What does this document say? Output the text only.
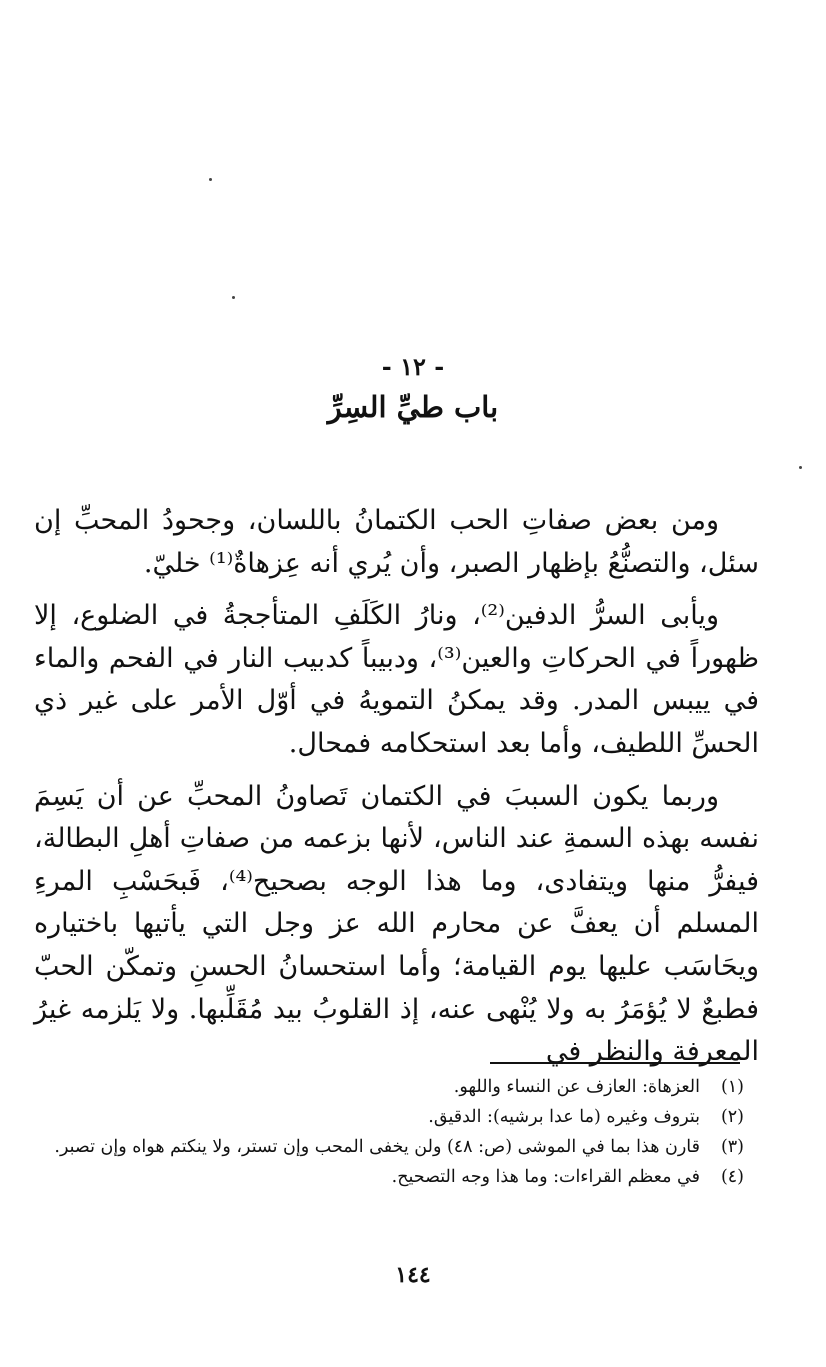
- ١٢ -
باب طيِّ السِرِّ

ومن بعض صفاتِ الحب الكتمانُ باللسان، وجحودُ المحبِّ إن سئل، والتصنُّعُ بإظهار الصبر، وأن يُري أنه عِزهاةٌ⁽¹⁾ خليّ.

ويأبى السرُّ الدفين⁽²⁾، ونارُ الكَلَفِ المتأججةُ في الضلوع، إلا ظهوراً في الحركاتِ والعين⁽³⁾، ودبيباً كدبيب النار في الفحم والماء في ييبس المدر. وقد يمكنُ التمويهُ في أوّل الأمر على غير ذي الحسِّ اللطيف، وأما بعد استحكامه فمحال.

وربما يكون السببَ في الكتمان تَصاونُ المحبِّ عن أن يَسِمَ نفسه بهذه السمةِ عند الناس، لأنها بزعمه من صفاتِ أهلِ البطالة، فيفرُّ منها ويتفادى، وما هذا الوجه بصحيح⁽⁴⁾، فَبحَسْبِ المرءِ المسلم أن يعفَّ عن محارم الله عز وجل التي يأتيها باختياره ويحَاسَب عليها يوم القيامة؛ وأما استحسانُ الحسنِ وتمكّن الحبّ فطبعٌ لا يُؤمَرُ به ولا يُنْهى عنه، إذ القلوبُ بيد مُقَلِّبها. ولا يَلزمه غيرُ المعرفة والنظر في

(١)
العزهاة: العازف عن النساء واللهو.
(٢)
بتروف وغيره (ما عدا برشيه): الدقيق.
(٣)
قارن هذا بما في الموشى (ص: ٤٨) ولن يخفى المحب وإن تستر، ولا ينكتم هواه وإن تصبر.
(٤)
في معظم القراءات: وما هذا وجه التصحيح.
١٤٤
